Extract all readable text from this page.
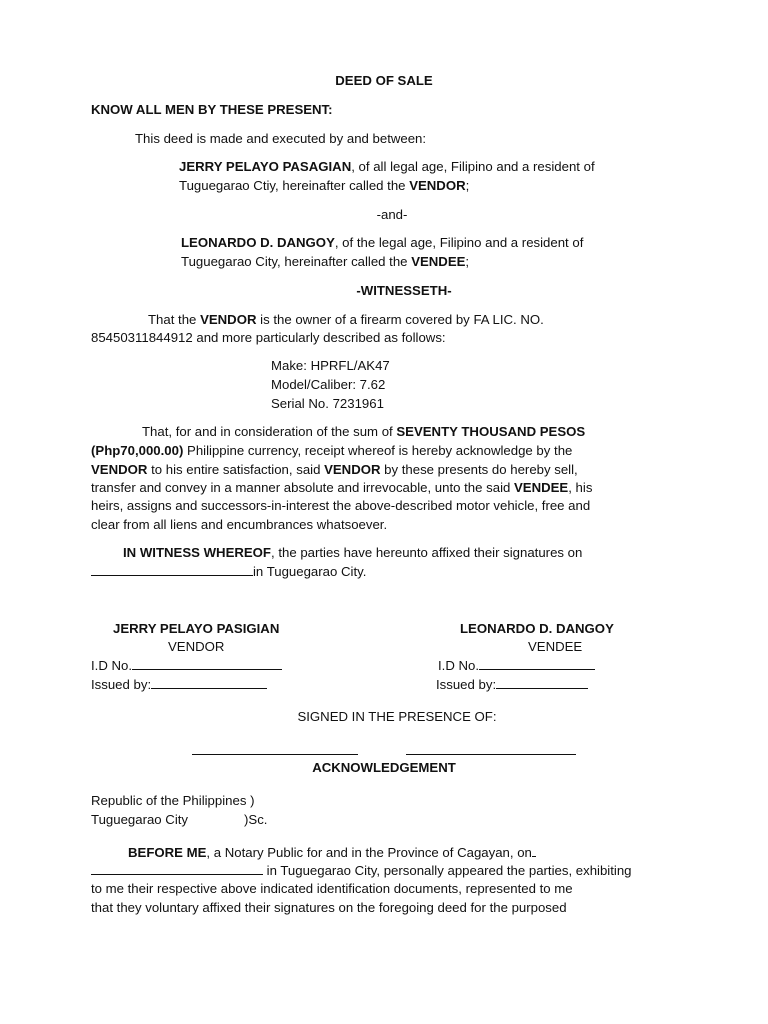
DEED OF SALE
KNOW ALL MEN BY THESE PRESENT:
This deed is made and executed by and between:
JERRY PELAYO PASAGIAN, of all legal age, Filipino and a resident of
Tuguegarao Ctiy, hereinafter called the VENDOR;
-and-
LEONARDO D. DANGOY, of the legal age, Filipino and a resident of
Tuguegarao City, hereinafter called the VENDEE;
-WITNESSETH-
That the VENDOR is the owner of a firearm covered by FA LIC. NO.
85450311844912 and more particularly described as follows:
Make: HPRFL/AK47
Model/Caliber: 7.62
Serial No. 7231961
That, for and in consideration of the sum of SEVENTY THOUSAND PESOS
(Php70,000.00) Philippine currency, receipt whereof is hereby acknowledge by the
VENDOR to his entire satisfaction, said VENDOR by these presents do hereby sell,
transfer and convey in a manner absolute and irrevocable, unto the said VENDEE, his
heirs, assigns and successors-in-interest the above-described motor vehicle, free and
clear from all liens and encumbrances whatsoever.
IN WITNESS WHEREOF, the parties have hereunto affixed their signatures on
in Tuguegarao City.
JERRY PELAYO PASIGIAN
VENDOR
I.D No.
Issued by:
LEONARDO D. DANGOY
VENDEE
I.D No.
Issued by:
SIGNED IN THE PRESENCE OF:
ACKNOWLEDGEMENT
Republic of the Philippines )
Tuguegarao City	)Sc.
BEFORE ME, a Notary Public for and in the Province of Cagayan, on
in Tuguegarao City, personally appeared the parties, exhibiting
to me their respective above indicated identification documents, represented to me
that they voluntary affixed their signatures on the foregoing deed for the purposed
